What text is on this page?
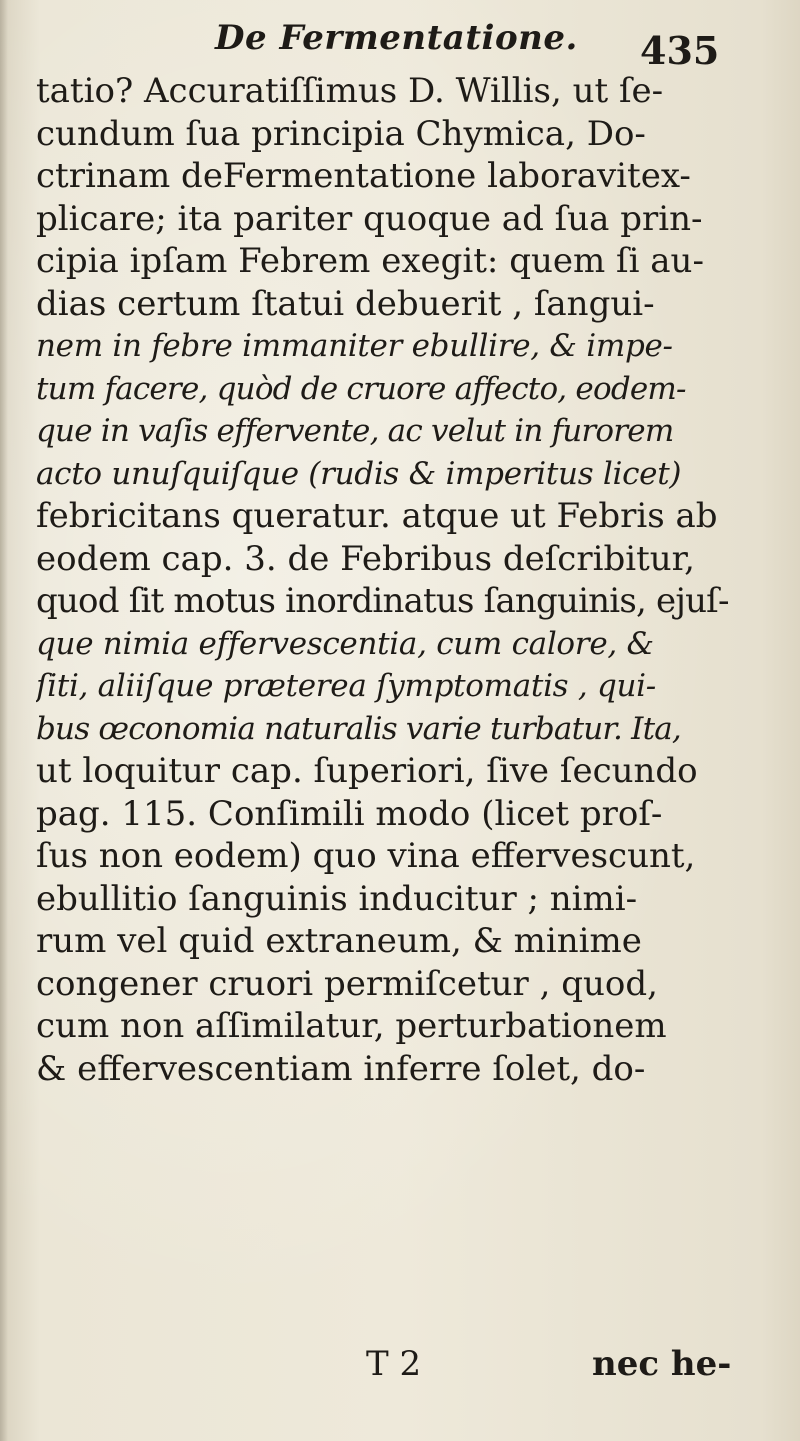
De Fermentatione. 435
tatio? Accuratiſſimus D. Willis, ut ſe-
cundum ſua principia Chymica, Do-
ctrinam deFermentatione laboravitex-
plicare; ita pariter quoque ad ſua prin-
cipia ipſam Febrem exegit: quem ſi au-
dias certum ſtatui debuerit , ſangui-
nem in febre immaniter ebullire, & impe-
tum facere, quòd de cruore affecto, eodem-
que in vaſis effervente, ac velut in furorem
acto unuſquiſque (rudis & imperitus licet)
febricitans queratur. atque ut Febris ab
eodem cap. 3. de Febribus deſcribitur,
quod ſit motus inordinatus ſanguinis, ejuſ-
que nimia effervescentia, cum calore, &
ſiti, aliiſque præterea ſymptomatis , qui-
bus œconomia naturalis varie turbatur. Ita,
ut loquitur cap. ſuperiori, ſive ſecundo
pag. 115. Conſimili modo (licet proſ-
ſus non eodem) quo vina effervescunt,
ebullitio ſanguinis inducitur ; nimi-
rum vel quid extraneum, & minime
congener cruori permiſcetur , quod,
cum non aſſimilatur, perturbationem
& effervescentiam inferre ſolet, do-
T 2	nec he-
